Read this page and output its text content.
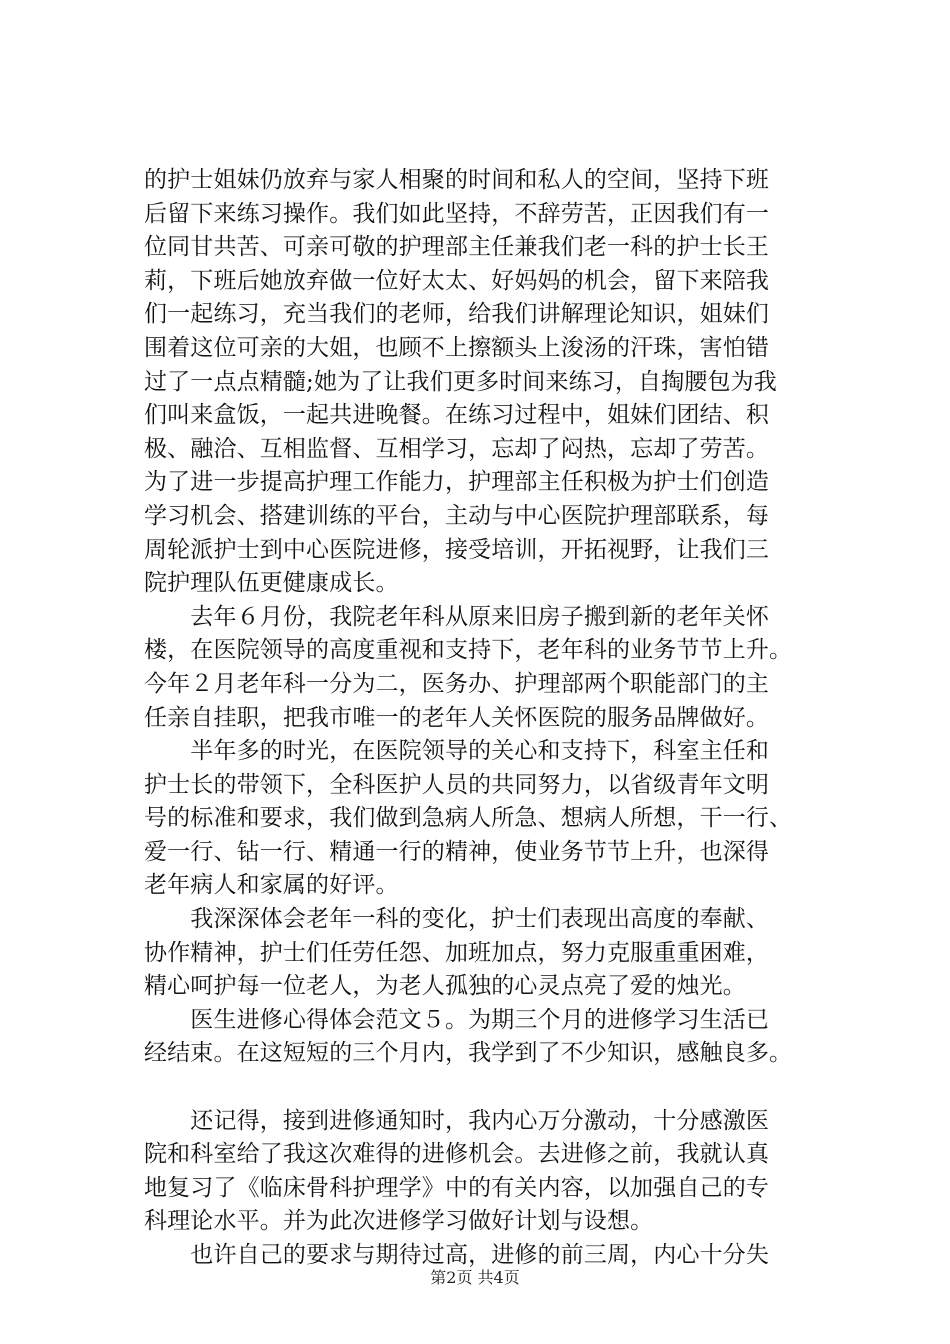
的护士姐妹仍放弃与家人相聚的时间和私人的空间，坚持下班
后留下来练习操作。我们如此坚持，不辞劳苦，正因我们有一
位同甘共苦、可亲可敬的护理部主任兼我们老一科的护士长王
莉，下班后她放弃做一位好太太、好妈妈的机会，留下来陪我
们一起练习，充当我们的老师，给我们讲解理论知识，姐妹们
围着这位可亲的大姐，也顾不上擦额头上浚汤的汗珠，害怕错
过了一点点精髓;她为了让我们更多时间来练习，自掏腰包为我
们叫来盒饭，一起共进晚餐。在练习过程中，姐妹们团结、积
极、融洽、互相监督、互相学习，忘却了闷热，忘却了劳苦。
为了进一步提高护理工作能力，护理部主任积极为护士们创造
学习机会、搭建训练的平台，主动与中心医院护理部联系，每
周轮派护士到中心医院进修，接受培训，开拓视野，让我们三
院护理队伍更健康成长。
　　去年６月份，我院老年科从原来旧房子搬到新的老年关怀
楼，在医院领导的高度重视和支持下，老年科的业务节节上升。
今年２月老年科一分为二，医务办、护理部两个职能部门的主
任亲自挂职，把我市唯一的老年人关怀医院的服务品牌做好。
　　半年多的时光，在医院领导的关心和支持下，科室主任和
护士长的带领下，全科医护人员的共同努力，以省级青年文明
号的标准和要求，我们做到急病人所急、想病人所想，干一行、
爱一行、钻一行、精通一行的精神，使业务节节上升，也深得
老年病人和家属的好评。
　　我深深体会老年一科的变化，护士们表现出高度的奉献、
协作精神，护士们任劳任怨、加班加点，努力克服重重困难，
精心呵护每一位老人，为老人孤独的心灵点亮了爱的烛光。
　　医生进修心得体会范文５。为期三个月的进修学习生活已
经结束。在这短短的三个月内，我学到了不少知识，感触良多。
　　还记得，接到进修通知时，我内心万分激动，十分感激医
院和科室给了我这次难得的进修机会。去进修之前，我就认真
地复习了《临床骨科护理学》中的有关内容，以加强自己的专
科理论水平。并为此次进修学习做好计划与设想。
　　也许自己的要求与期待过高，进修的前三周，内心十分失
第2页 共4页
